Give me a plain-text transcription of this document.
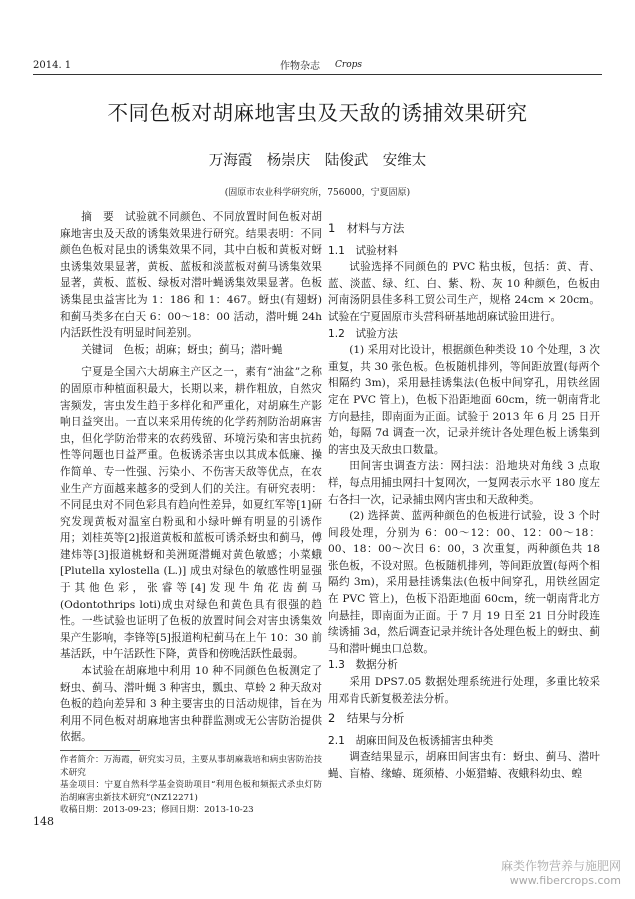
2014. 1	作物杂志 Crops
不同色板对胡麻地害虫及天敌的诱捕效果研究
万海霞　杨崇庆　陆俊武　安维太
(固原市农业科学研究所，756000，宁夏固原)

摘　要　试验就不同颜色、不同放置时间色板对胡麻地害虫及天敌的诱集效果进行研究。结果表明：不同颜色色板对昆虫的诱集效果不同，其中白板和黄板对蚜虫诱集效果显著，黄板、蓝板和淡蓝板对蓟马诱集效果显著，黄板、蓝板、绿板对潜叶蝇诱集效果显著。色板诱集昆虫益害比为 1：186 和 1：467。蚜虫(有翅蚜)和蓟马类多在白天 6：00～18：00 活动，潜叶蝇 24h 内活跃性没有明显时间差别。

关键词　色板；胡麻；蚜虫；蓟马；潜叶蝇

宁夏是全国六大胡麻主产区之一，素有“油盆”之称的固原市种植面积最大，长期以来，耕作粗放，自然灾害频发，害虫发生趋于多样化和严重化，对胡麻生产影响日益突出。一直以来采用传统的化学药剂防治胡麻害虫，但化学防治带来的农药残留、环境污染和害虫抗药性等问题也日益严重。色板诱杀害虫以其成本低廉、操作简单、专一性强、污染小、不伤害天敌等优点，在农业生产方面越来越多的受到人们的关注。有研究表明：不同昆虫对不同色彩具有趋向性差异，如夏红军等[1]研究发现黄板对温室白粉虱和小绿叶蝉有明显的引诱作用；刘桂英等[2]报道黄板和蓝板可诱杀蚜虫和蓟马，傅建炜等[3]报道桃蚜和美洲斑潜蝇对黄色敏感；小菜蛾 [Plutella xylostella (L.)] 成虫对绿色的敏感性明显强于其他色彩，张睿等[4]发现牛角花齿蓟马(Odontothrips loti)成虫对绿色和黄色具有很强的趋性。一些试验也证明了色板的放置时间会对害虫诱集效果产生影响，李锋等[5]报道枸杞蓟马在上午 10：30 前基活跃，中午活跃性下降，黄昏和傍晚活跃性最弱。

本试验在胡麻地中利用 10 种不同颜色色板测定了蚜虫、蓟马、潜叶蝇 3 种害虫，瓢虫、草蛉 2 种天敌对色板的趋向差异和 3 种主要害虫的日活动规律，旨在为利用不同色板对胡麻地害虫种群监测或无公害防治提供依据。

作者简介：万海霞，研究实习员，主要从事胡麻栽培和病虫害防治技术研究

基金项目：宁夏自然科学基金资助项目“利用色板和频振式杀虫灯防治胡麻害虫新技术研究”(NZ12271)

收稿日期：2013-09-23；修回日期：2013-10-23

1　材料与方法

1.1　试验材料

试验选择不同颜色的 PVC 粘虫板，包括：黄、青、蓝、淡蓝、绿、红、白、紫、粉、灰 10 种颜色，色板由河南汤阴县佳多科工贸公司生产，规格 24cm × 20cm。试验在宁夏固原市头营科研基地胡麻试验田进行。

1.2　试验方法

(1) 采用对比设计，根据颜色种类设 10 个处理，3 次重复，共 30 张色板。色板随机排列，等间距放置(每两个相隔约 3m)，采用悬挂诱集法(色板中间穿孔，用铁丝固定在 PVC 管上)，色板下沿距地面 60cm，统一朝南背北方向悬挂，即南面为正面。试验于 2013 年 6 月 25 日开始，每隔 7d 调查一次，记录并统计各处理色板上诱集到的害虫及天敌虫口数量。

田间害虫调查方法：网扫法：沿地块对角线 3 点取样，每点用捕虫网扫十复网次，一复网表示水平 180 度左右各扫一次，记录捕虫网内害虫和天敌种类。

(2) 选择黄、蓝两种颜色的色板进行试验，设 3 个时间段处理，分别为 6：00～12：00、12：00～18：00、18：00～次日 6：00，3 次重复，两种颜色共 18 张色板，不设对照。色板随机排列，等间距放置(每两个相隔约 3m)，采用悬挂诱集法(色板中间穿孔，用铁丝固定在 PVC 管上)，色板下沿距地面 60cm，统一朝南背北方向悬挂，即南面为正面。于 7 月 19 日至 21 日分时段连续诱捕 3d，然后调查记录并统计各处理色板上的蚜虫、蓟马和潜叶蝇虫口总数。

1.3　数据分析

采用 DPS7.05 数据处理系统进行处理，多重比较采用邓肯氏新复极差法分析。

2　结果与分析

2.1　胡麻田间及色板诱捕害虫种类

调查结果显示，胡麻田间害虫有：蚜虫、蓟马、潜叶蝇、盲椿、缘蝽、斑须椿、小姬猎蝽、夜蛾科幼虫、蝗

148
麻类作物营养与施肥网
www.fibercrops.com
